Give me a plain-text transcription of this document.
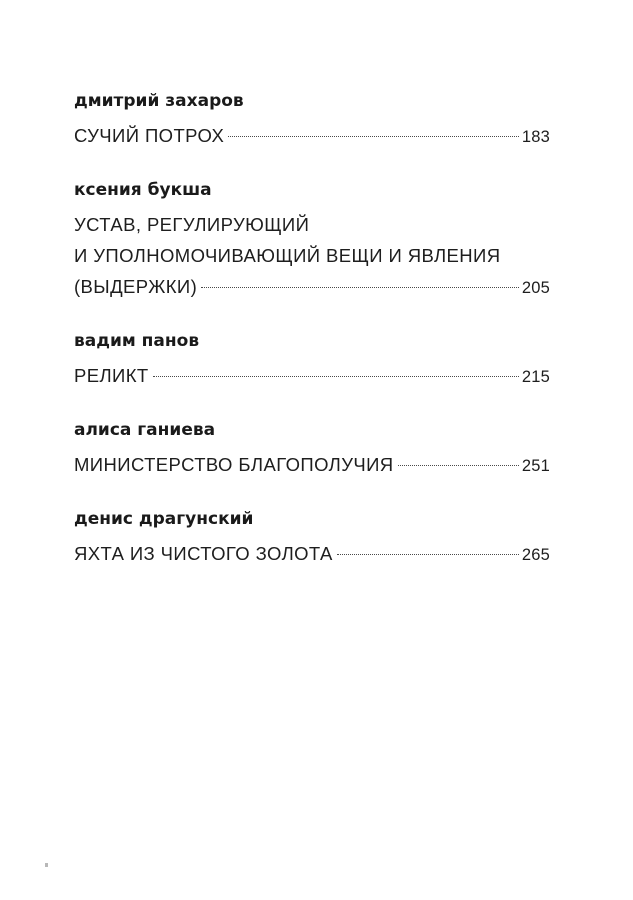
дмитрий захаров
СУЧИЙ ПОТРОХ	183
ксения букша
УСТАВ, РЕГУЛИРУЮЩИЙ
И УПОЛНОМОЧИВАЮЩИЙ ВЕЩИ И ЯВЛЕНИЯ
(ВЫДЕРЖКИ)	205
вадим панов
РЕЛИКТ	215
алиса ганиева
МИНИСТЕРСТВО БЛАГОПОЛУЧИЯ	251
денис драгунский
ЯХТА ИЗ ЧИСТОГО ЗОЛОТА	265
